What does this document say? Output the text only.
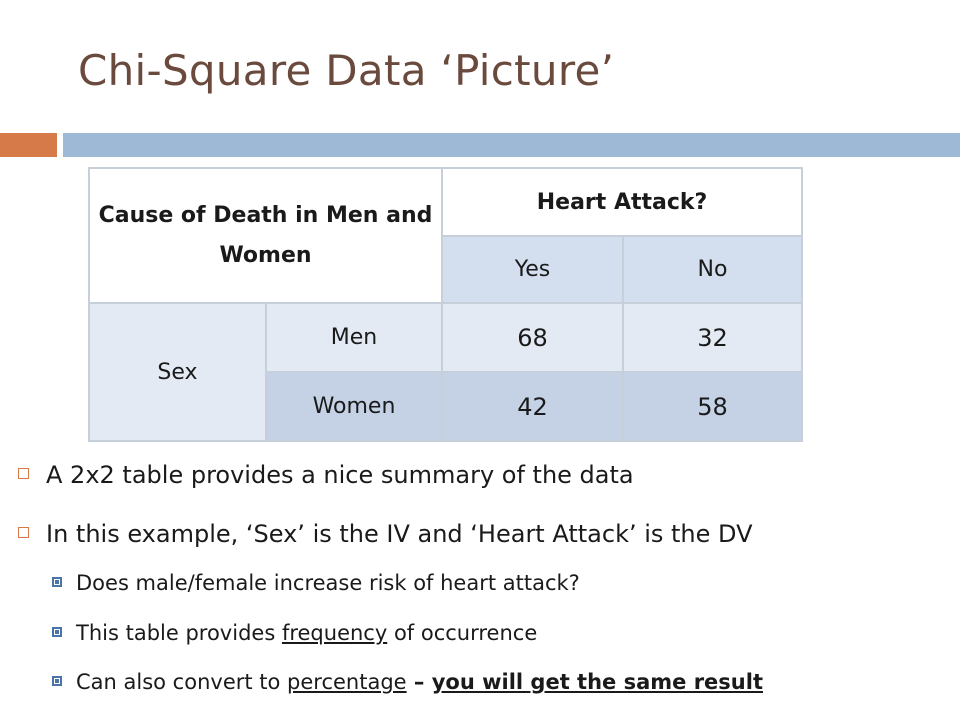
Chi-Square Data ‘Picture’
Cause of Death in Men and Women		Heart Attack?	
		Yes	No
Sex	Men	68	32
	Women	42	58
A 2x2 table provides a nice summary of the data
In this example, ‘Sex’ is the IV and ‘Heart Attack’ is the DV
Does male/female increase risk of heart attack?
This table provides frequency of occurrence
Can also convert to percentage – you will get the same result
